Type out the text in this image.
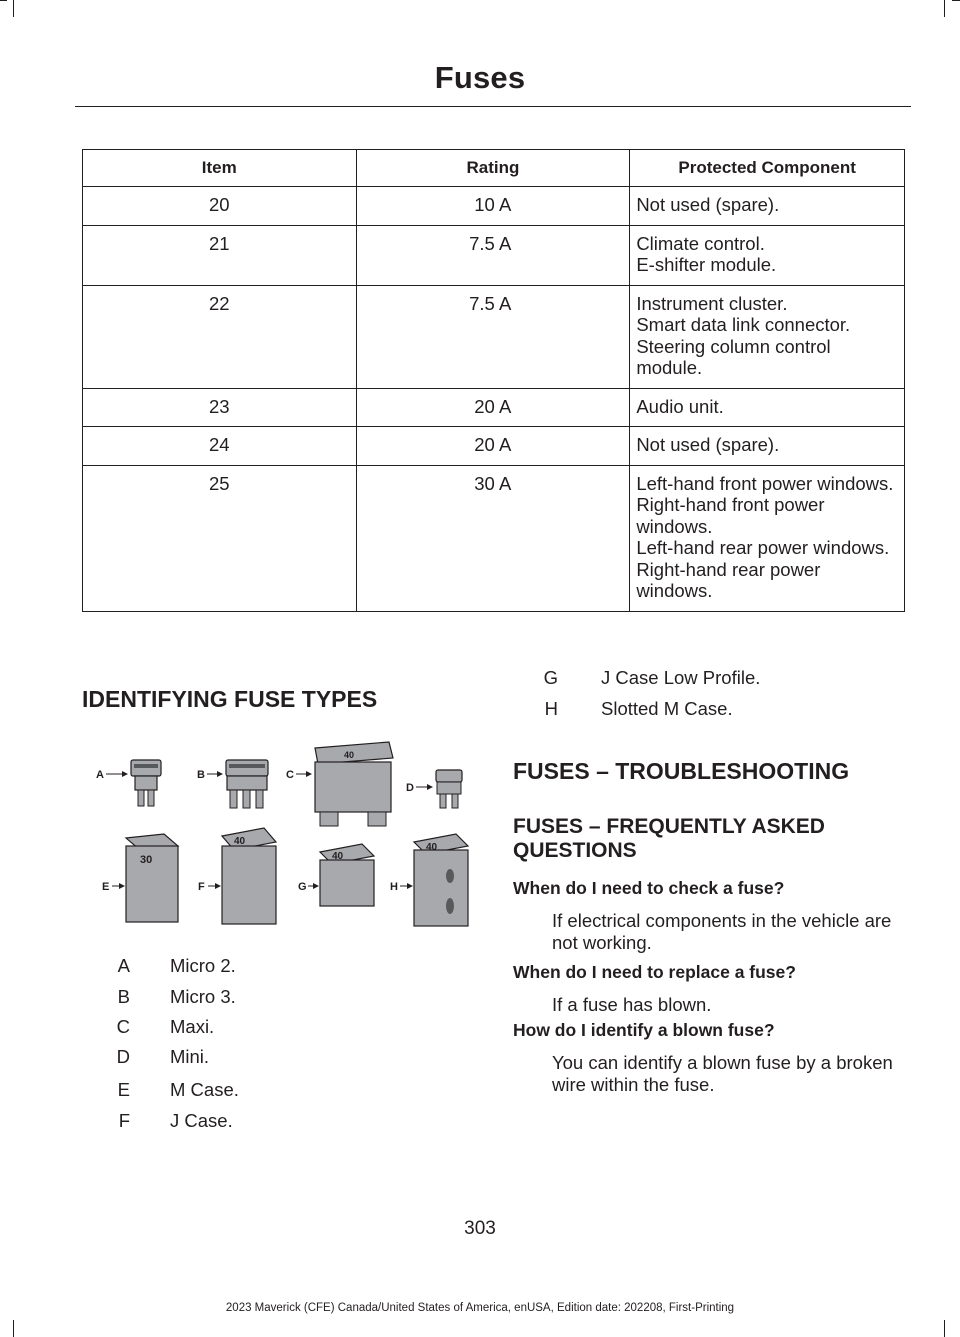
Fuses
Item	Rating	Protected Component
20	10 A	Not used (spare).

21	7.5 A	Climate control.
E-shifter module.

22	7.5 A	Instrument cluster.
Smart data link connector.
Steering column control module.

23	20 A	Audio unit.

24	20 A	Not used (spare).

25	30 A	Left-hand front power windows.
Right-hand front power windows.
Left-hand rear power windows.
Right-hand rear power windows.
IDENTIFYING FUSE TYPES
A	B
40
C
D
30
E
40
F
40
G
40
H
A Micro 2.
B Micro 3.
C Maxi.
D Mini.
E M Case.
F J Case.
G J Case Low Profile.
H Slotted M Case.
FUSES – TROUBLESHOOTING
FUSES – FREQUENTLY ASKED QUESTIONS
When do I need to check a fuse?
If electrical components in the vehicle are not working.
When do I need to replace a fuse?
If a fuse has blown.
How do I identify a blown fuse?
You can identify a blown fuse by a broken wire within the fuse.
303
2023 Maverick (CFE) Canada/United States of America, enUSA, Edition date: 202208, First-Printing
